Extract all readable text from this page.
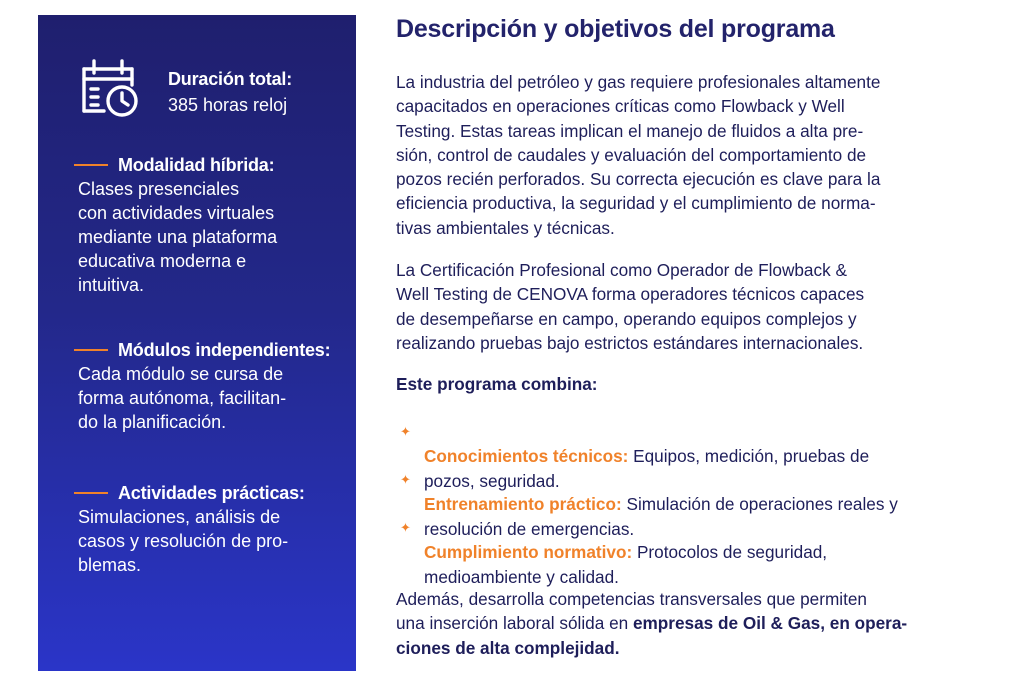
Duración total:
385 horas reloj
Modalidad híbrida:
Clases presenciales
con actividades virtuales
mediante una plataforma
educativa moderna e
intuitiva.
Módulos independientes:
Cada módulo se cursa de
forma autónoma, facilitan-
do la planificación.
Actividades prácticas:
Simulaciones, análisis de
casos y resolución de pro-
blemas.
Descripción y objetivos del programa
La industria del petróleo y gas requiere profesionales altamente
capacitados en operaciones críticas como Flowback y Well
Testing. Estas tareas implican el manejo de fluidos a alta pre-
sión, control de caudales y evaluación del comportamiento de
pozos recién perforados. Su correcta ejecución es clave para la
eficiencia productiva, la seguridad y el cumplimiento de norma-
tivas ambientales y técnicas.
La Certificación Profesional como Operador de Flowback &
Well Testing de CENOVA forma operadores técnicos capaces
de desempeñarse en campo, operando equipos complejos y
realizando pruebas bajo estrictos estándares internacionales.
Este programa combina:

✦
Conocimientos técnicos: Equipos, medición, pruebas de
pozos, seguridad.

✦
Entrenamiento práctico: Simulación de operaciones reales y
resolución de emergencias.

✦
Cumplimiento normativo: Protocolos de seguridad,
medioambiente y calidad.

Además, desarrolla competencias transversales que permiten
una inserción laboral sólida en empresas de Oil & Gas, en opera-
ciones de alta complejidad.
